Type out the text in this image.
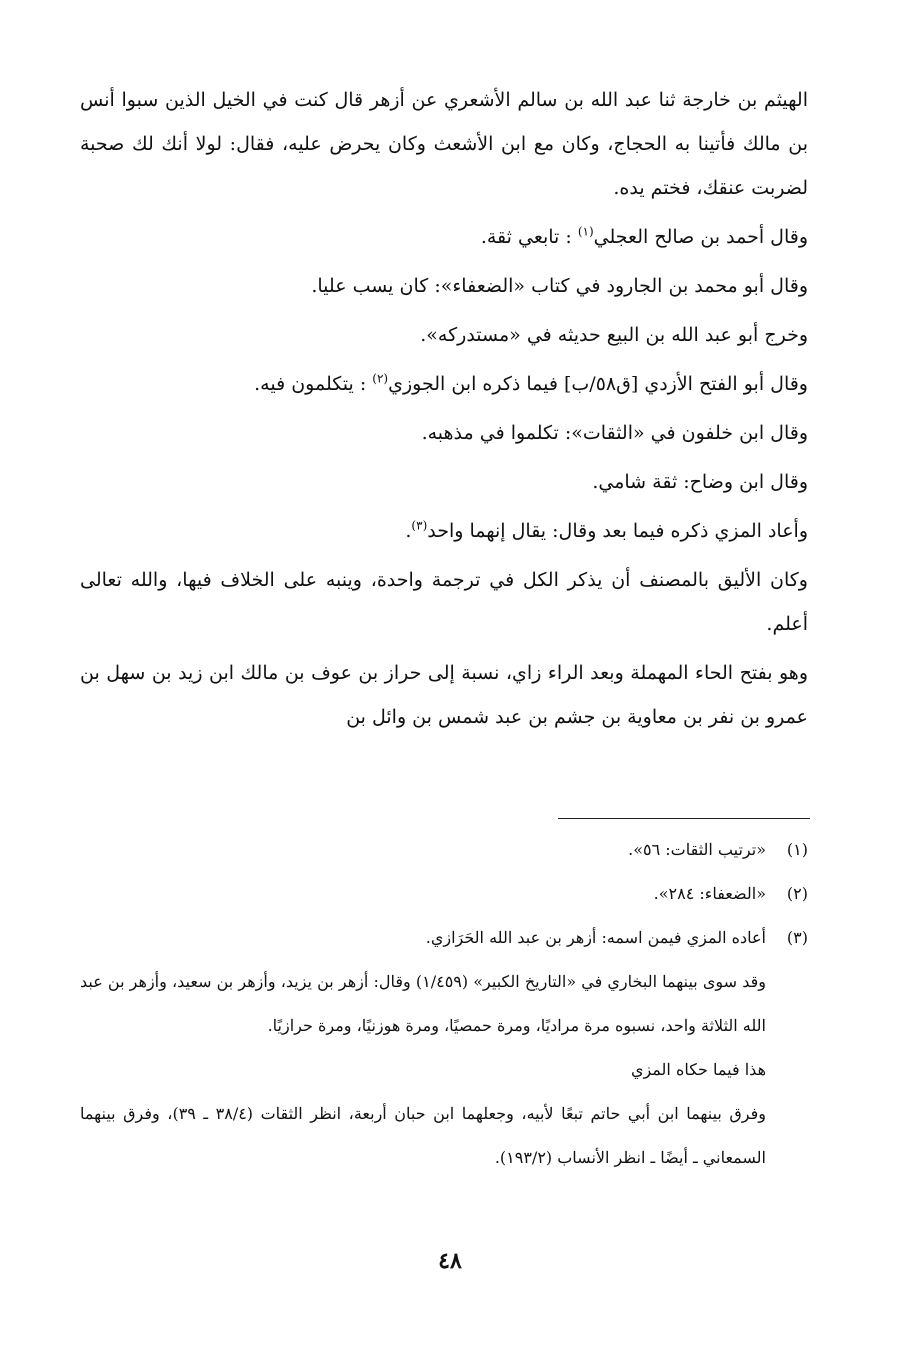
الهيثم بن خارجة ثنا عبد الله بن سالم الأشعري عن أزهر قال كنت في الخيل الذين سبوا أنس بن مالك فأتينا به الحجاج، وكان مع ابن الأشعث وكان يحرض عليه، فقال: لولا أنك لك صحبة لضربت عنقك، فختم يده.

وقال أحمد بن صالح العجلي$^{(١)}$ : تابعي ثقة.

وقال أبو محمد بن الجارود في كتاب «الضعفاء»: كان يسب عليا.

وخرج أبو عبد الله بن البيع حديثه في «مستدركه».

وقال أبو الفتح الأزدي [ق٥٨/ب] فيما ذكره ابن الجوزي$^{(٢)}$ : يتكلمون فيه.

وقال ابن خلفون في «الثقات»: تكلموا في مذهبه.

وقال ابن وضاح: ثقة شامي.

وأعاد المزي ذكره فيما بعد وقال: يقال إنهما واحد$^{(٣)}$.

وكان الأليق بالمصنف أن يذكر الكل في ترجمة واحدة، وينبه على الخلاف فيها، والله تعالى أعلم.

وهو بفتح الحاء المهملة وبعد الراء زاي، نسبة إلى حراز بن عوف بن مالك ابن زيد بن سهل بن عمرو بن نفر بن معاوية بن جشم بن عبد شمس بن وائل بن

(١)«ترتيب الثقات: ٥٦».

(٢)«الضعفاء: ٢٨٤».

(٣)أعاده المزي فيمن اسمه: أزهر بن عبد الله الحَرَازي.

وقد سوى بينهما البخاري في «التاريخ الكبير» (١/٤٥٩) وقال: أزهر بن يزيد، وأزهر بن سعيد، وأزهر بن عبد الله الثلاثة واحد، نسبوه مرة مراديًا، ومرة حمصيًا، ومرة هوزنيًا، ومرة حرازيًا.

هذا فيما حكاه المزي

وفرق بينهما ابن أبي حاتم تبعًا لأبيه، وجعلهما ابن حبان أربعة، انظر الثقات (٣٨/٤ ـ ٣٩)، وفرق بينهما السمعاني ـ أيضًا ـ انظر الأنساب (١٩٣/٢).

٤٨
